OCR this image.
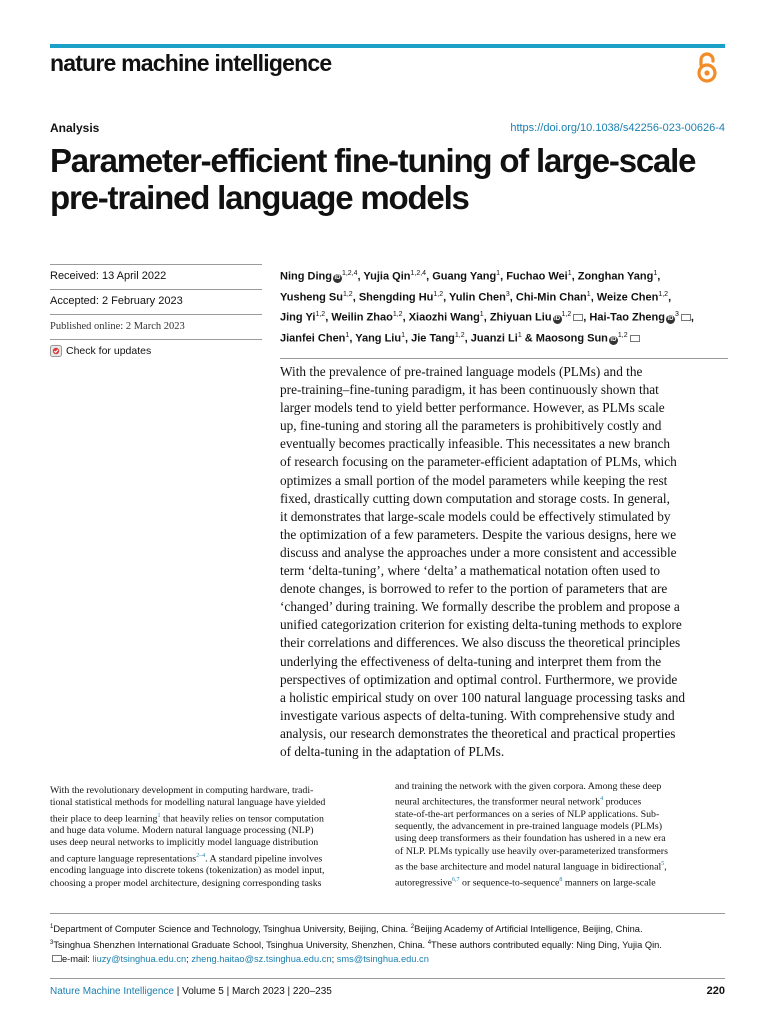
nature machine intelligence
Analysis	https://doi.org/10.1038/s42256-023-00626-4
Parameter-efficient fine-tuning of large-scale
pre-trained language models
Received: 13 April 2022
Accepted: 2 February 2023
Published online: 2 March 2023
Check for updates
Ning Ding iD$^{1,2,4}$, Yujia Qin$^{1,2,4}$, Guang Yang$^1$, Fuchao Wei$^1$, Zonghan Yang$^1$,
Yusheng Su$^{1,2}$, Shengding Hu$^{1,2}$, Yulin Chen$^3$, Chi-Min Chan$^1$, Weize Chen$^{1,2}$,
Jing Yi$^{1,2}$, Weilin Zhao$^{1,2}$, Xiaozhi Wang$^1$, Zhiyuan Liu iD$^{1,2}$ , Hai-Tao Zheng $iD^3$ ,
Jianfei Chen$^1$, Yang Liu$^1$, Jie Tang$^{1,2}$, Juanzi Li$^1$ & Maosong Sun iD$^{1,2}$
With the prevalence of pre-trained language models (PLMs) and the
pre-training–fine-tuning paradigm, it has been continuously shown that
larger models tend to yield better performance. However, as PLMs scale
up, fine-tuning and storing all the parameters is prohibitively costly and
eventually becomes practically infeasible. This necessitates a new branch
of research focusing on the parameter-efficient adaptation of PLMs, which
optimizes a small portion of the model parameters while keeping the rest
fixed, drastically cutting down computation and storage costs. In general,
it demonstrates that large-scale models could be effectively stimulated by
the optimization of a few parameters. Despite the various designs, here we
discuss and analyse the approaches under a more consistent and accessible
term ‘delta-tuning’, where ‘delta’ a mathematical notation often used to
denote changes, is borrowed to refer to the portion of parameters that are
‘changed’ during training. We formally describe the problem and propose a
unified categorization criterion for existing delta-tuning methods to explore
their correlations and differences. We also discuss the theoretical principles
underlying the effectiveness of delta-tuning and interpret them from the
perspectives of optimization and optimal control. Furthermore, we provide
a holistic empirical study on over 100 natural language processing tasks and
investigate various aspects of delta-tuning. With comprehensive study and
analysis, our research demonstrates the theoretical and practical properties
of delta-tuning in the adaptation of PLMs.
With the revolutionary development in computing hardware, tradi-
tional statistical methods for modelling natural language have yielded
their place to deep learning$^1$ that heavily relies on tensor computation
and huge data volume. Modern natural language processing (NLP)
uses deep neural networks to implicitly model language distribution
and capture language representations$^{2-4}$. A standard pipeline involves
encoding language into discrete tokens (tokenization) as model input,
choosing a proper model architecture, designing corresponding tasks
and training the network with the given corpora. Among these deep
neural architectures, the transformer neural network$^4$ produces
state-of-the-art performances on a series of NLP applications. Sub-
sequently, the advancement in pre-trained language models (PLMs)
using deep transformers as their foundation has ushered in a new era
of NLP. PLMs typically use heavily over-parameterized transformers
as the base architecture and model natural language in bidirectional$^5$,
autoregressive$^{6,7}$ or sequence-to-sequence$^8$ manners on large-scale
$^1$Department of Computer Science and Technology, Tsinghua University, Beijing, China. $^2$Beijing Academy of Artificial Intelligence, Beijing, China.
$^3$Tsinghua Shenzhen International Graduate School, Tsinghua University, Shenzhen, China. $^4$These authors contributed equally: Ning Ding, Yujia Qin.
e-mail: liuzy@tsinghua.edu.cn; zheng.haitao@sz.tsinghua.edu.cn; sms@tsinghua.edu.cn
Nature Machine Intelligence | Volume 5 | March 2023 | 220–235	220
